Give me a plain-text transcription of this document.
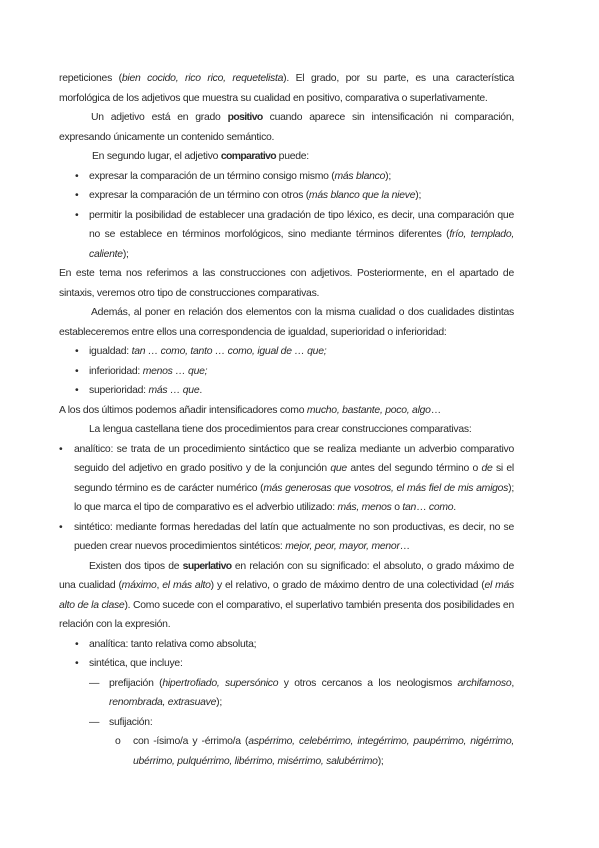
repeticiones (bien cocido, rico rico, requetelista). El grado, por su parte, es una característica morfológica de los adjetivos que muestra su cualidad en positivo, comparativa o superlativamente.

Un adjetivo está en grado positivo cuando aparece sin intensificación ni comparación, expresando únicamente un contenido semántico.

En segundo lugar, el adjetivo comparativo puede:

• expresar la comparación de un término consigo mismo (más blanco);
• expresar la comparación de un término con otros (más blanco que la nieve);
• permitir la posibilidad de establecer una gradación de tipo léxico, es decir, una comparación que no se establece en términos morfológicos, sino mediante términos diferentes (frío, templado, caliente);

En este tema nos referimos a las construcciones con adjetivos. Posteriormente, en el apartado de sintaxis, veremos otro tipo de construcciones comparativas.

Además, al poner en relación dos elementos con la misma cualidad o dos cualidades distintas estableceremos entre ellos una correspondencia de igualdad, superioridad o inferioridad:

• igualdad: tan … como, tanto … como, igual de … que;
• inferioridad: menos … que;
• superioridad: más … que.

A los dos últimos podemos añadir intensificadores como mucho, bastante, poco, algo…

La lengua castellana tiene dos procedimientos para crear construcciones comparativas:

• analítico: se trata de un procedimiento sintáctico que se realiza mediante un adverbio comparativo seguido del adjetivo en grado positivo y de la conjunción que antes del segundo término o de si el segundo término es de carácter numérico (más generosas que vosotros, el más fiel de mis amigos); lo que marca el tipo de comparativo es el adverbio utilizado: más, menos o tan… como.
• sintético: mediante formas heredadas del latín que actualmente no son productivas, es decir, no se pueden crear nuevos procedimientos sintéticos: mejor, peor, mayor, menor…

Existen dos tipos de superlativo en relación con su significado: el absoluto, o grado máximo de una cualidad (máximo, el más alto) y el relativo, o grado de máximo dentro de una colectividad (el más alto de la clase). Como sucede con el comparativo, el superlativo también presenta dos posibilidades en relación con la expresión.

• analítica: tanto relativa como absoluta;
• sintética, que incluye:
— prefijación (hipertrofiado, supersónico y otros cercanos a los neologismos archifamoso, renombrada, extrasuave);
— sufijación:
o con -ísimo/a y -érrimo/a (aspérrimo, celebérrimo, integérrimo, paupérrimo, nigérrimo, ubérrimo, pulquérrimo, libérrimo, misérrimo, salubérrimo);
